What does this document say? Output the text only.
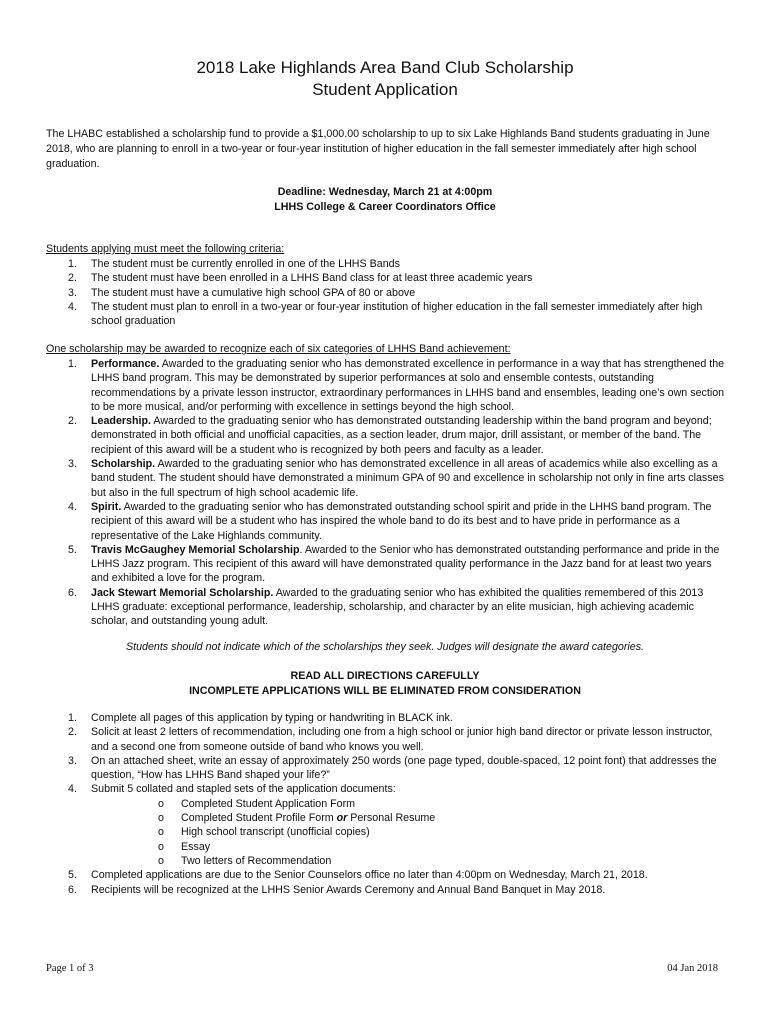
2018 Lake Highlands Area Band Club Scholarship
Student Application
The LHABC established a scholarship fund to provide a $1,000.00 scholarship to up to six Lake Highlands Band students graduating in June 2018, who are planning to enroll in a two-year or four-year institution of higher education in the fall semester immediately after high school graduation.
Deadline: Wednesday, March 21 at 4:00pm
LHHS College & Career Coordinators Office
Students applying must meet the following criteria:
1. The student must be currently enrolled in one of the LHHS Bands
2. The student must have been enrolled in a LHHS Band class for at least three academic years
3. The student must have a cumulative high school GPA of 80 or above
4. The student must plan to enroll in a two-year or four-year institution of higher education in the fall semester immediately after high school graduation
One scholarship may be awarded to recognize each of six categories of LHHS Band achievement:
1. Performance. Awarded to the graduating senior who has demonstrated excellence in performance in a way that has strengthened the LHHS band program. This may be demonstrated by superior performances at solo and ensemble contests, outstanding recommendations by a private lesson instructor, extraordinary performances in LHHS band and ensembles, leading one’s own section to be more musical, and/or performing with excellence in settings beyond the high school.
2. Leadership. Awarded to the graduating senior who has demonstrated outstanding leadership within the band program and beyond; demonstrated in both official and unofficial capacities, as a section leader, drum major, drill assistant, or member of the band. The recipient of this award will be a student who is recognized by both peers and faculty as a leader.
3. Scholarship. Awarded to the graduating senior who has demonstrated excellence in all areas of academics while also excelling as a band student. The student should have demonstrated a minimum GPA of 90 and excellence in scholarship not only in fine arts classes but also in the full spectrum of high school academic life.
4. Spirit. Awarded to the graduating senior who has demonstrated outstanding school spirit and pride in the LHHS band program. The recipient of this award will be a student who has inspired the whole band to do its best and to have pride in performance as a representative of the Lake Highlands community.
5. Travis McGaughey Memorial Scholarship. Awarded to the Senior who has demonstrated outstanding performance and pride in the LHHS Jazz program. This recipient of this award will have demonstrated quality performance in the Jazz band for at least two years and exhibited a love for the program.
6. Jack Stewart Memorial Scholarship. Awarded to the graduating senior who has exhibited the qualities remembered of this 2013 LHHS graduate: exceptional performance, leadership, scholarship, and character by an elite musician, high achieving academic scholar, and outstanding young adult.
Students should not indicate which of the scholarships they seek. Judges will designate the award categories.
READ ALL DIRECTIONS CAREFULLY
INCOMPLETE APPLICATIONS WILL BE ELIMINATED FROM CONSIDERATION
1. Complete all pages of this application by typing or handwriting in BLACK ink.
2. Solicit at least 2 letters of recommendation, including one from a high school or junior high band director or private lesson instructor, and a second one from someone outside of band who knows you well.
3. On an attached sheet, write an essay of approximately 250 words (one page typed, double-spaced, 12 point font) that addresses the question, “How has LHHS Band shaped your life?”
4. Submit 5 collated and stapled sets of the application documents:
o Completed Student Application Form
o Completed Student Profile Form or Personal Resume
o High school transcript (unofficial copies)
o Essay
o Two letters of Recommendation
5. Completed applications are due to the Senior Counselors office no later than 4:00pm on Wednesday, March 21, 2018.
6. Recipients will be recognized at the LHHS Senior Awards Ceremony and Annual Band Banquet in May 2018.
Page 1 of 3	04 Jan 2018
